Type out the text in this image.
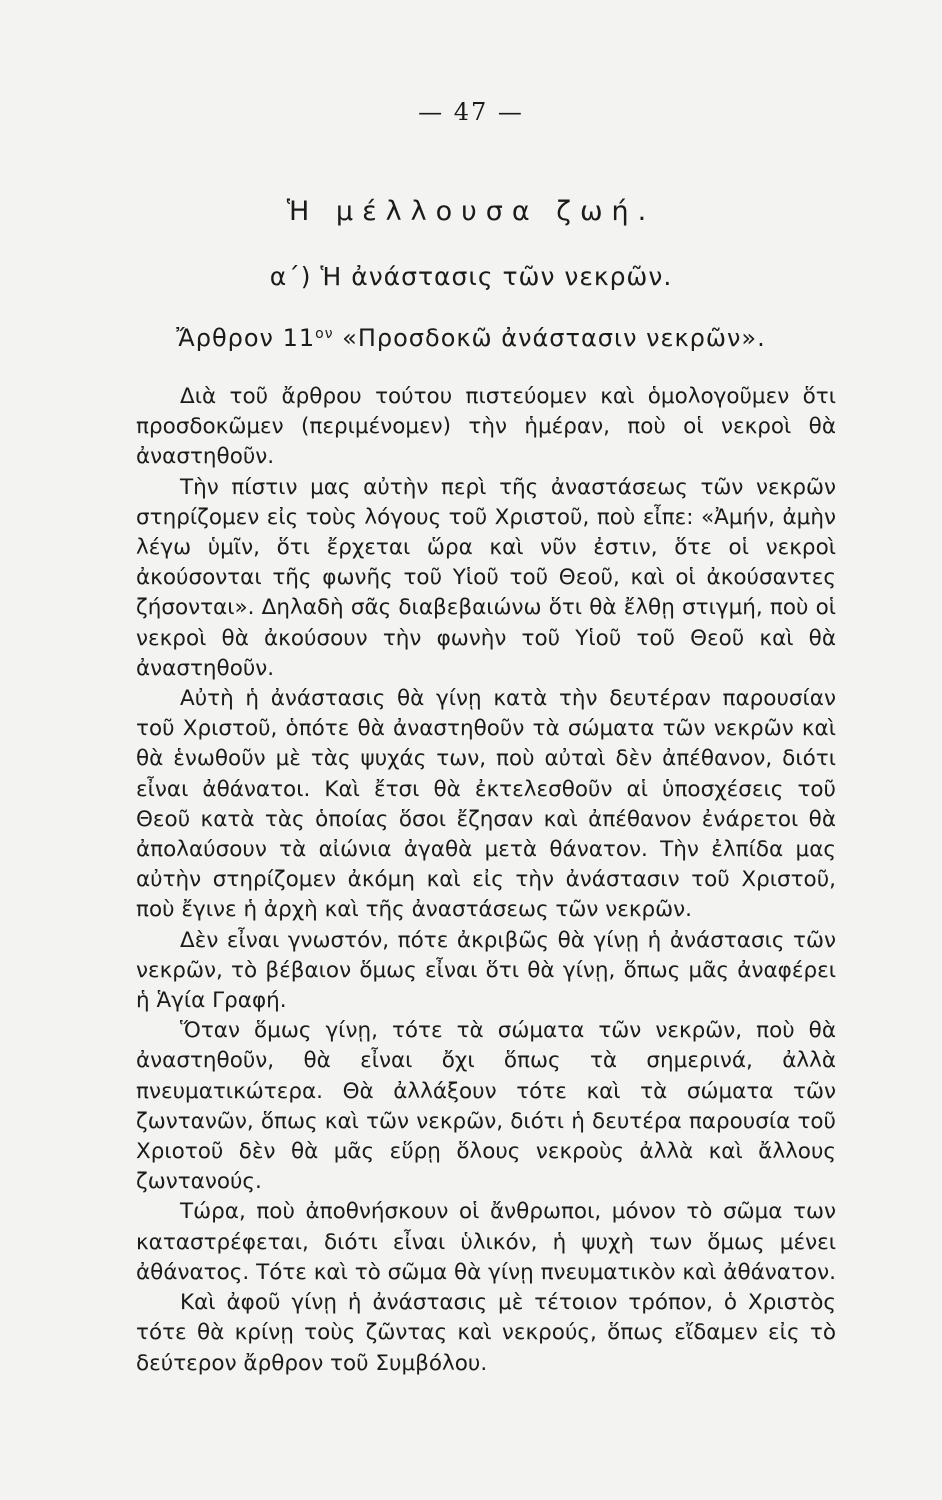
— 47 —
Ἡ μέλλουσα ζωή.
α΄) Ἡ ἀνάστασις τῶν νεκρῶν.
Ἄρθρον $11^{o\nu}$ «Προσδοκῶ ἀνάστασιν νεκρῶν».

Διὰ τοῦ ἄρθρου τούτου πιστεύομεν καὶ ὁμολογοῦμεν ὅτι προσδοκῶμεν (περιμένομεν) τὴν ἡμέραν, ποὺ οἱ νεκροὶ θὰ ἀναστηθοῦν.

Τὴν πίστιν μας αὐτὴν περὶ τῆς ἀναστάσεως τῶν νεκρῶν στηρίζομεν εἰς τοὺς λόγους τοῦ Χριστοῦ, ποὺ εἶπε: «Ἀμήν, ἀμὴν λέγω ὑμῖν, ὅτι ἔρχεται ὥρα καὶ νῦν ἐστιν, ὅτε οἱ νεκροὶ ἀκούσονται τῆς φωνῆς τοῦ Υἱοῦ τοῦ Θεοῦ, καὶ οἱ ἀκούσαντες ζήσονται». Δηλαδὴ σᾶς διαβεβαιώνω ὅτι θὰ ἔλθῃ στιγμή, ποὺ οἱ νεκροὶ θὰ ἀκούσουν τὴν φωνὴν τοῦ Υἱοῦ τοῦ Θεοῦ καὶ θὰ ἀναστηθοῦν.

Αὐτὴ ἡ ἀνάστασις θὰ γίνῃ κατὰ τὴν δευτέραν παρουσίαν τοῦ Χριστοῦ, ὁπότε θὰ ἀναστηθοῦν τὰ σώματα τῶν νεκρῶν καὶ θὰ ἑνωθοῦν μὲ τὰς ψυχάς των, ποὺ αὐταὶ δὲν ἀπέθανον, διότι εἶναι ἀθάνατοι. Καὶ ἔτσι θὰ ἐκτελεσθοῦν αἱ ὑποσχέσεις τοῦ Θεοῦ κατὰ τὰς ὁποίας ὅσοι ἔζησαν καὶ ἀπέθανον ἐνάρετοι θὰ ἀπολαύσουν τὰ αἰώνια ἀγαθὰ μετὰ θάνατον. Τὴν ἐλπίδα μας αὐτὴν στηρίζομεν ἀκόμη καὶ εἰς τὴν ἀνάστασιν τοῦ Χριστοῦ, ποὺ ἔγινε ἡ ἀρχὴ καὶ τῆς ἀναστάσεως τῶν νεκρῶν.

Δὲν εἶναι γνωστόν, πότε ἀκριβῶς θὰ γίνῃ ἡ ἀνάστασις τῶν νεκρῶν, τὸ βέβαιον ὅμως εἶναι ὅτι θὰ γίνῃ, ὅπως μᾶς ἀναφέρει ἡ Ἁγία Γραφή.

Ὅταν ὅμως γίνῃ, τότε τὰ σώματα τῶν νεκρῶν, ποὺ θὰ ἀναστηθοῦν, θὰ εἶναι ὄχι ὅπως τὰ σημερινά, ἀλλὰ πνευματικώτερα. Θὰ ἀλλάξουν τότε καὶ τὰ σώματα τῶν ζωντανῶν, ὅπως καὶ τῶν νεκρῶν, διότι ἡ δευτέρα παρουσία τοῦ Χριοτοῦ δὲν θὰ μᾶς εὕρῃ ὅλους νεκροὺς ἀλλὰ καὶ ἄλλους ζωντανούς.

Τώρα, ποὺ ἀποθνήσκουν οἱ ἄνθρωποι, μόνον τὸ σῶμα των καταστρέφεται, διότι εἶναι ὑλικόν, ἡ ψυχὴ των ὅμως μένει ἀθάνατος. Τότε καὶ τὸ σῶμα θὰ γίνῃ πνευματικὸν καὶ ἀθάνατον.

Καὶ ἀφοῦ γίνῃ ἡ ἀνάστασις μὲ τέτοιον τρόπον, ὁ Χριστὸς τότε θὰ κρίνῃ τοὺς ζῶντας καὶ νεκρούς, ὅπως εἴδαμεν εἰς τὸ δεύτερον ἄρθρον τοῦ Συμβόλου.
